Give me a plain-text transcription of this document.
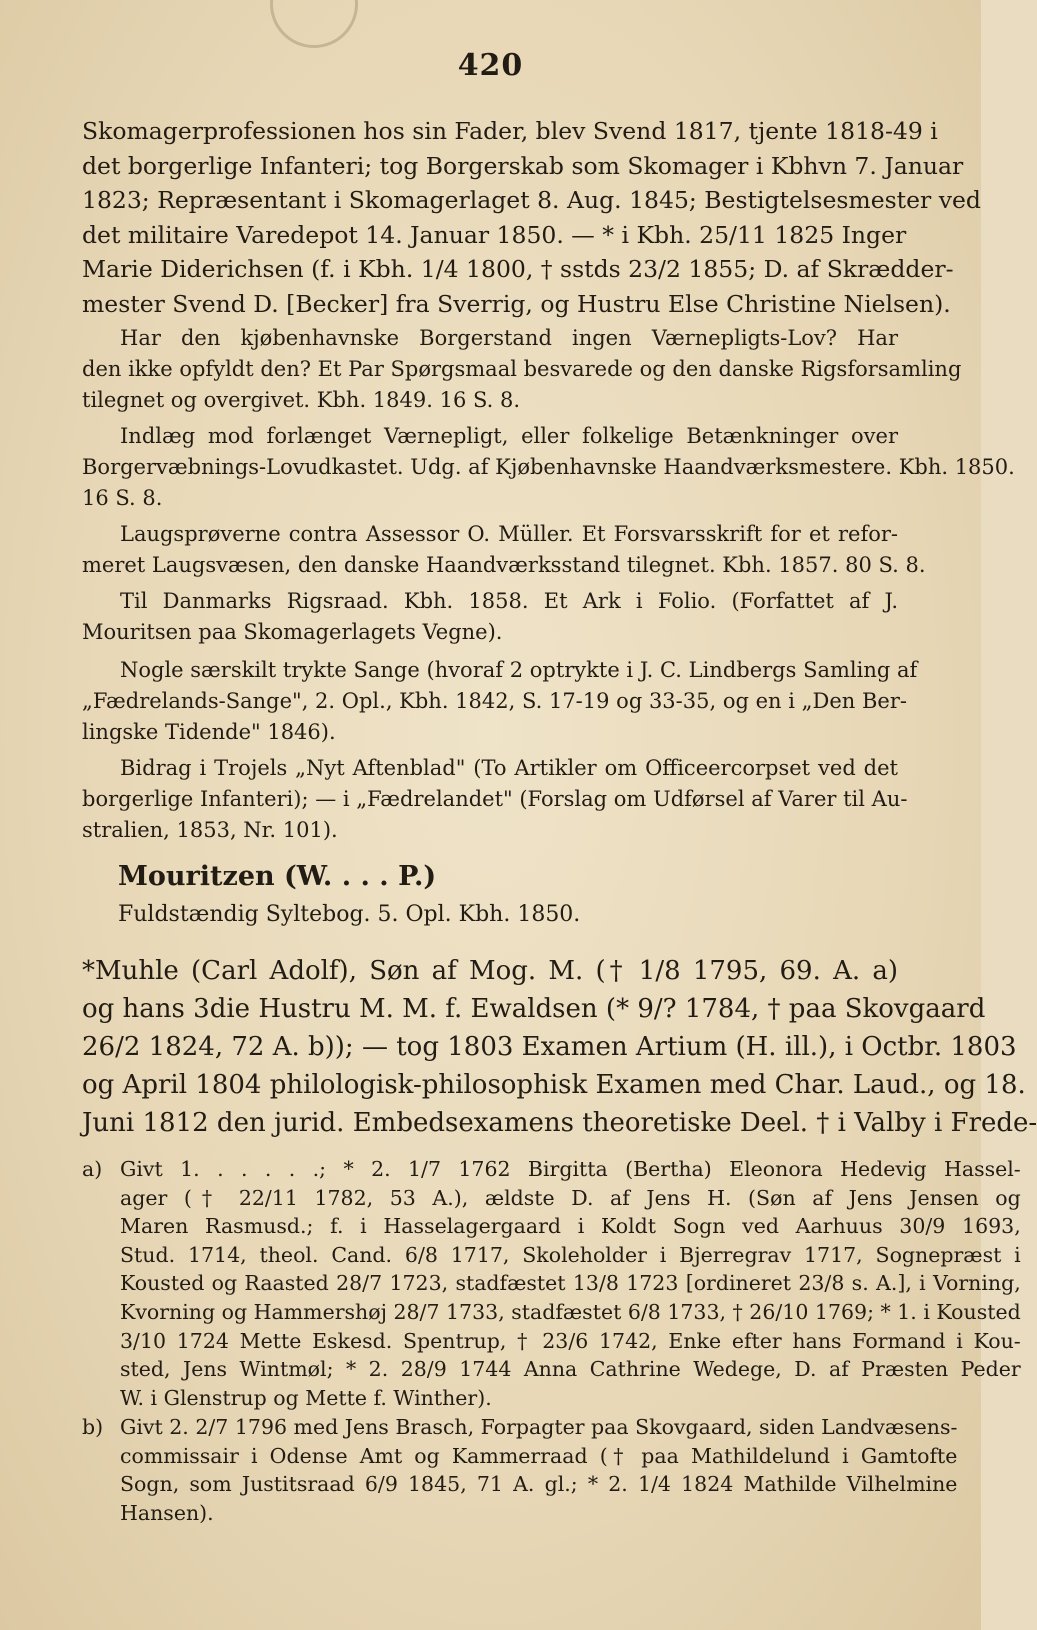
420
Skomagerprofessionen hos sin Fader, blev Svend 1817, tjente 1818-49 i
det borgerlige Infanteri; tog Borgerskab som Skomager i Kbhvn 7. Januar
1823; Repræsentant i Skomagerlaget 8. Aug. 1845; Bestigtelsesmester ved
det militaire Varedepot 14. Januar 1850. — * i Kbh. 25/11 1825 Inger
Marie Diderichsen (f. i Kbh. 1/4 1800, † sstds 23/2 1855; D. af Skrædder-
mester Svend D. [Becker] fra Sverrig, og Hustru Else Christine Nielsen).
Har den kjøbenhavnske Borgerstand ingen Værnepligts-Lov? Har
den ikke opfyldt den? Et Par Spørgsmaal besvarede og den danske Rigsforsamling
tilegnet og overgivet. Kbh. 1849. 16 S. 8.
Indlæg mod forlænget Værnepligt, eller folkelige Betænkninger over
Borgervæbnings-Lovudkastet. Udg. af Kjøbenhavnske Haandværksmestere. Kbh. 1850.
16 S. 8.
Laugsprøverne contra Assessor O. Müller. Et Forsvarsskrift for et refor-
meret Laugsvæsen, den danske Haandværksstand tilegnet. Kbh. 1857. 80 S. 8.
Til Danmarks Rigsraad. Kbh. 1858. Et Ark i Folio. (Forfattet af J.
Mouritsen paa Skomagerlagets Vegne).
Nogle særskilt trykte Sange (hvoraf 2 optrykte i J. C. Lindbergs Samling af
„Fædrelands-Sange", 2. Opl., Kbh. 1842, S. 17-19 og 33-35, og en i „Den Ber-
lingske Tidende" 1846).
Bidrag i Trojels „Nyt Aftenblad" (To Artikler om Officeercorpset ved det
borgerlige Infanteri); — i „Fædrelandet" (Forslag om Udførsel af Varer til Au-
stralien, 1853, Nr. 101).
Mouritzen (W. . . . P.)
Fuldstændig Syltebog. 5. Opl. Kbh. 1850.
*Muhle (Carl Adolf), Søn af Mog. M. († 1/8 1795, 69. A. a)
og hans 3die Hustru M. M. f. Ewaldsen (* 9/? 1784, † paa Skovgaard
26/2 1824, 72 A. b)); — tog 1803 Examen Artium (H. ill.), i Octbr. 1803
og April 1804 philologisk-philosophisk Examen med Char. Laud., og 18.
Juni 1812 den jurid. Embedsexamens theoretiske Deel. † i Valby i Frede-
a) Givt 1. . . . . .; * 2. 1/7 1762 Birgitta (Bertha) Eleonora Hedevig Hassel-
ager († 22/11 1782, 53 A.), ældste D. af Jens H. (Søn af Jens Jensen og
Maren Rasmusd.; f. i Hasselagergaard i Koldt Sogn ved Aarhuus 30/9 1693,
Stud. 1714, theol. Cand. 6/8 1717, Skoleholder i Bjerregrav 1717, Sognepræst i
Kousted og Raasted 28/7 1723, stadfæstet 13/8 1723 [ordineret 23/8 s. A.], i Vorning,
Kvorning og Hammershøj 28/7 1733, stadfæstet 6/8 1733, † 26/10 1769; * 1. i Kousted
3/10 1724 Mette Eskesd. Spentrup, † 23/6 1742, Enke efter hans Formand i Kou-
sted, Jens Wintmøl; * 2. 28/9 1744 Anna Cathrine Wedege, D. af Præsten Peder
W. i Glenstrup og Mette f. Winther).
b) Givt 2. 2/7 1796 med Jens Brasch, Forpagter paa Skovgaard, siden Landvæsens-
commissair i Odense Amt og Kammerraad († paa Mathildelund i Gamtofte
Sogn, som Justitsraad 6/9 1845, 71 A. gl.; * 2. 1/4 1824 Mathilde Vilhelmine
Hansen).
